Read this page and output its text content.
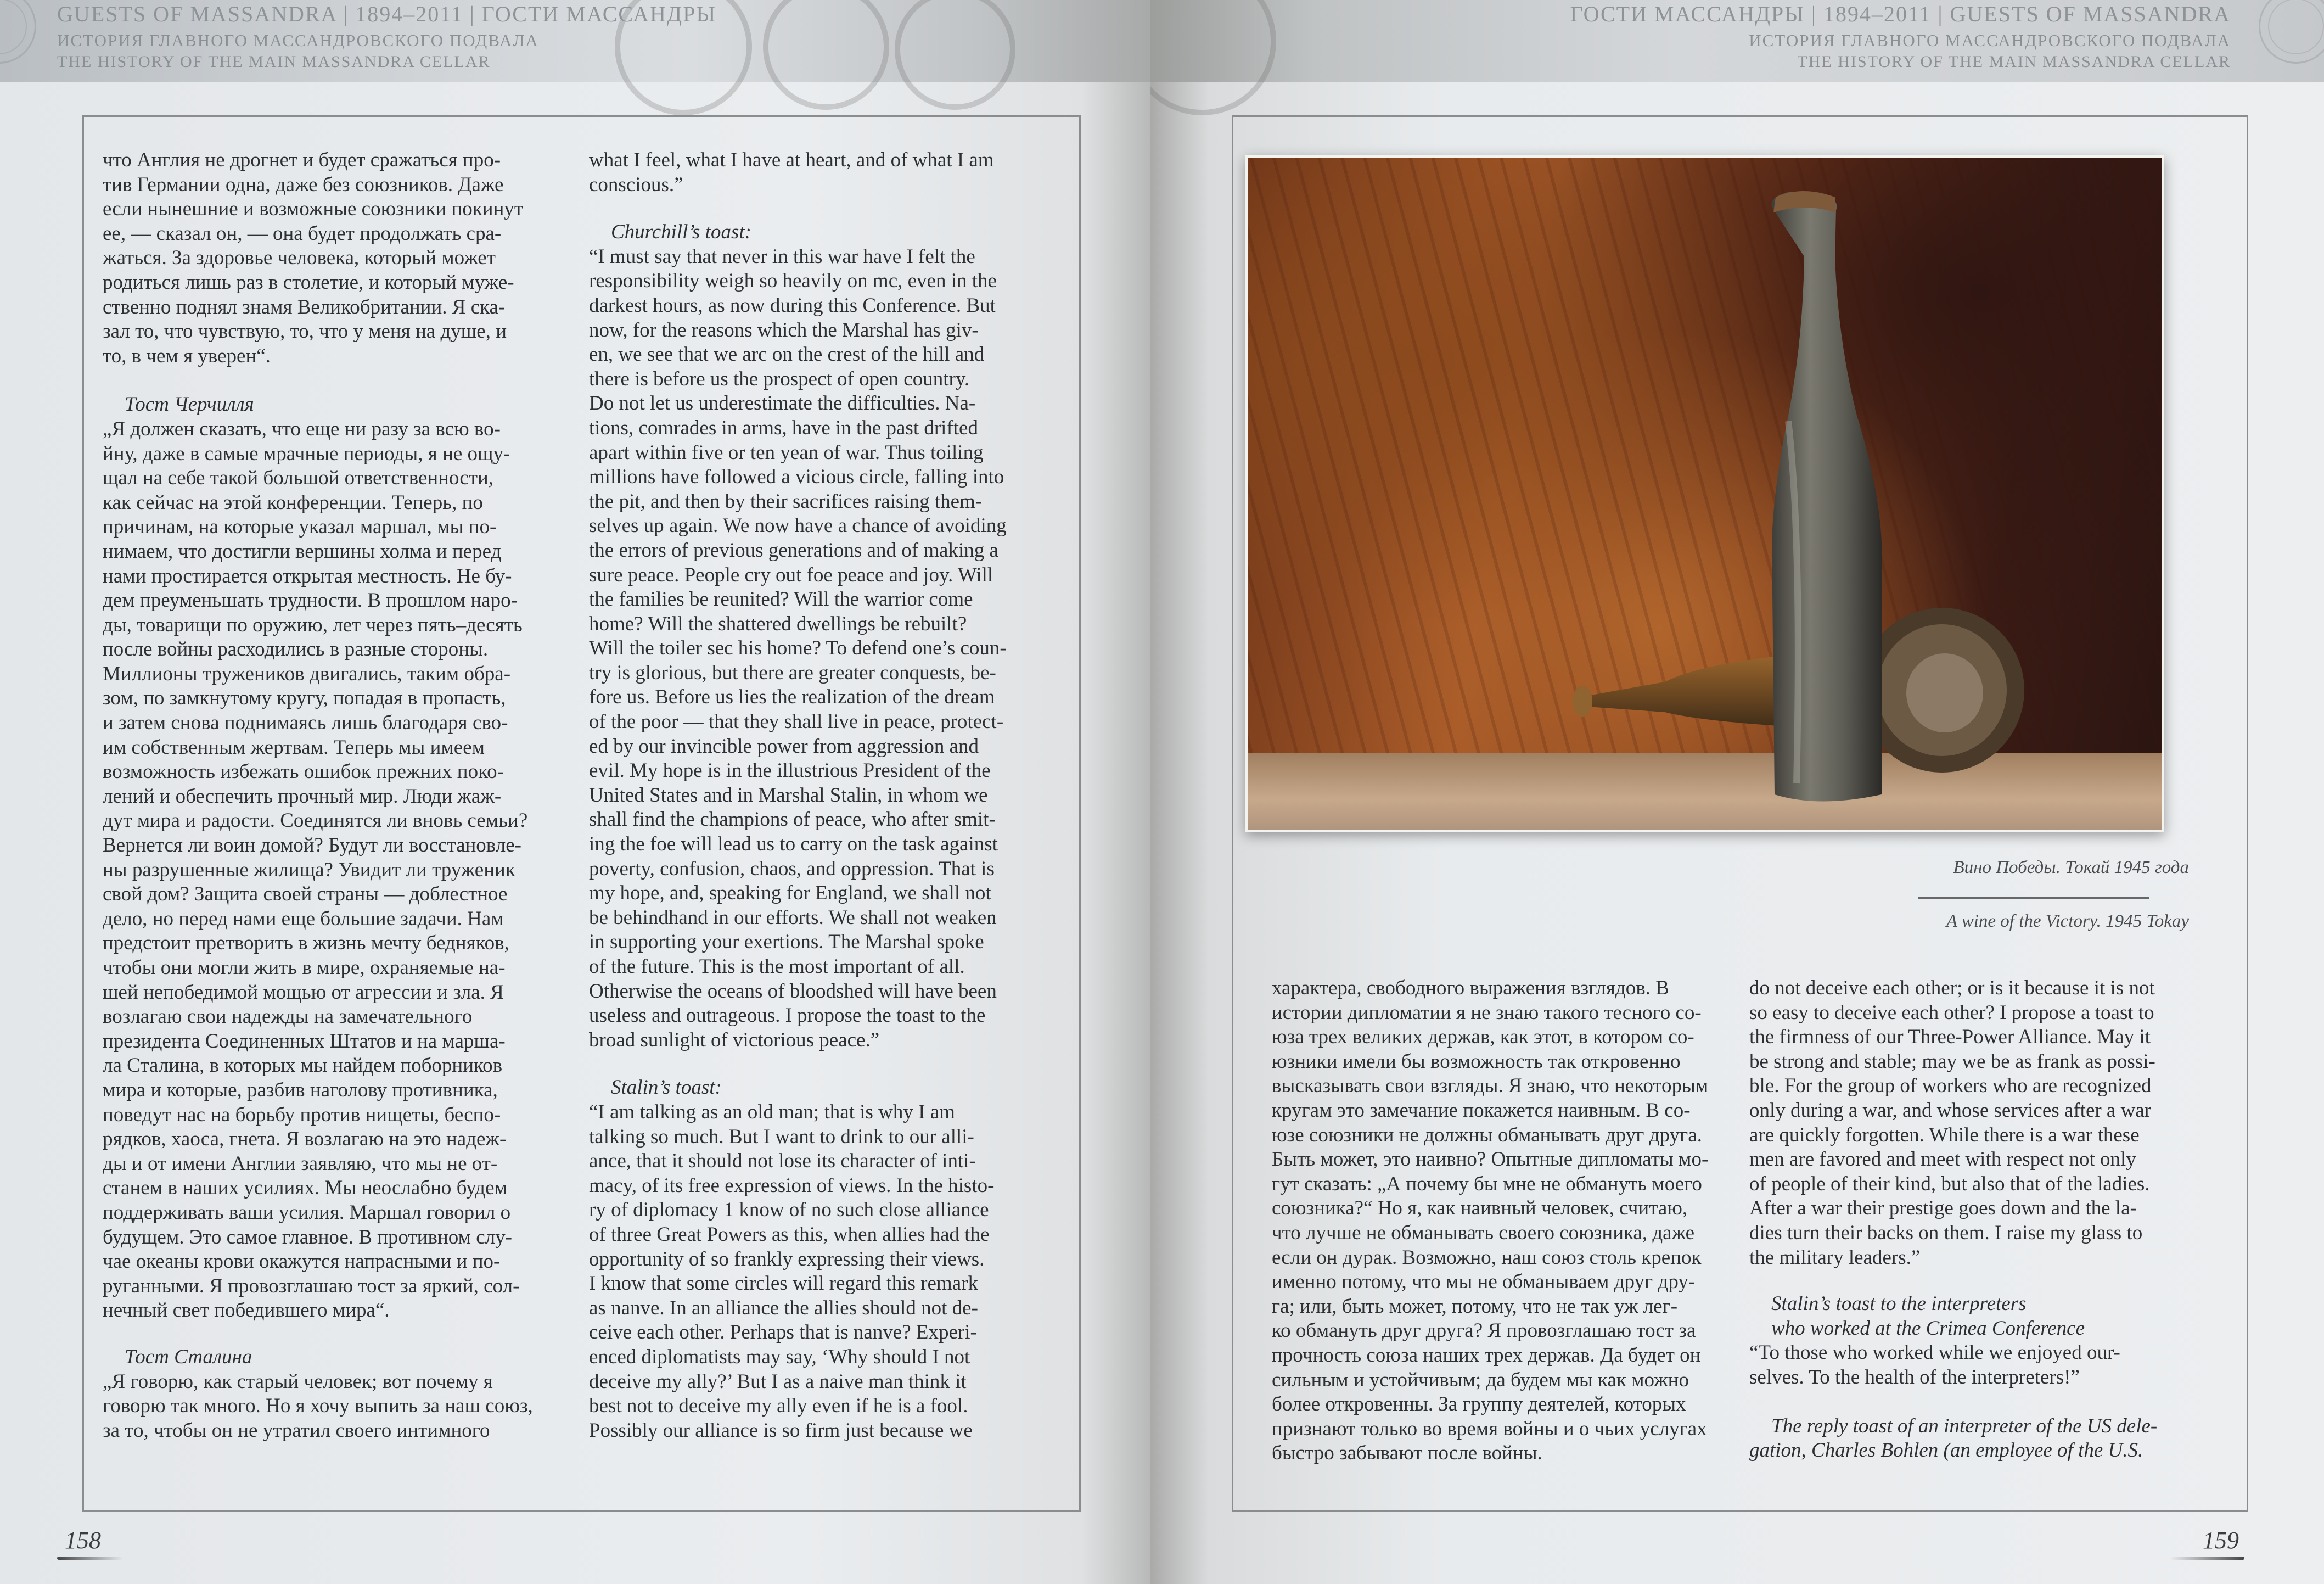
GUESTS OF MASSANDRA | 1894–2011 | ГОСТИ МАССАНДРЫ
ИСТОРИЯ ГЛАВНОГО МАССАНДРОВСКОГО ПОДВАЛА
THE HISTORY OF THE MAIN MASSANDRA CELLAR

что Англия не дрогнет и будет сражаться про-
тив Германии одна, даже без союзников. Даже
если нынешние и возможные союзники покинут
ее, — сказал он, — она будет продолжать сра-
жаться. За здоровье человека, который может
родиться лишь раз в столетие, и который муже-
ственно поднял знамя Великобритании. Я ска-
зал то, что чувствую, то, что у меня на душе, и
то, в чем я уверен“.

Тост Черчилля

„Я должен сказать, что еще ни разу за всю во-
йну, даже в самые мрачные периоды, я не ощу-
щал на себе такой большой ответственности,
как сейчас на этой конференции. Теперь, по
причинам, на которые указал маршал, мы по-
нимаем, что достигли вершины холма и перед
нами простирается открытая местность. Не бу-
дем преуменьшать трудности. В прошлом наро-
ды, товарищи по оружию, лет через пять–десять
после войны расходились в разные стороны.
Миллионы тружеников двигались, таким обра-
зом, по замкнутому кругу, попадая в пропасть,
и затем снова поднимаясь лишь благодаря сво-
им собственным жертвам. Теперь мы имеем
возможность избежать ошибок прежних поко-
лений и обеспечить прочный мир. Люди жаж-
дут мира и радости. Соединятся ли вновь семьи?
Вернется ли воин домой? Будут ли восстановле-
ны разрушенные жилища? Увидит ли труженик
свой дом? Защита своей страны — доблестное
дело, но перед нами еще большие задачи. Нам
предстоит претворить в жизнь мечту бедняков,
чтобы они могли жить в мире, охраняемые на-
шей непобедимой мощью от агрессии и зла. Я
возлагаю свои надежды на замечательного
президента Соединенных Штатов и на марша-
ла Сталина, в которых мы найдем поборников
мира и которые, разбив наголову противника,
поведут нас на борьбу против нищеты, беспо-
рядков, хаоса, гнета. Я возлагаю на это надеж-
ды и от имени Англии заявляю, что мы не от-
станем в наших усилиях. Мы неослабно будем
поддерживать ваши усилия. Маршал говорил о
будущем. Это самое главное. В противном слу-
чае океаны крови окажутся напрасными и по-
руганными. Я провозглашаю тост за яркий, сол-
нечный свет победившего мира“.

Тост Сталина

„Я говорю, как старый человек; вот почему я
говорю так много. Но я хочу выпить за наш союз,
за то, чтобы он не утратил своего интимного

what I feel, what I have at heart, and of what I am
conscious.”

Churchill’s toast:

“I must say that never in this war have I felt the
responsibility weigh so heavily on mc, even in the
darkest hours, as now during this Conference. But
now, for the reasons which the Marshal has giv-
en, we see that we arc on the crest of the hill and
there is before us the prospect of open country.
Do not let us underestimate the difficulties. Na-
tions, comrades in arms, have in the past drifted
apart within five or ten yean of war. Thus toiling
millions have followed a vicious circle, falling into
the pit, and then by their sacrifices raising them-
selves up again. We now have a chance of avoiding
the errors of previous generations and of making a
sure peace. People cry out foe peace and joy. Will
the families be reunited? Will the warrior come
home? Will the shattered dwellings be rebuilt?
Will the toiler sec his home? To defend one’s coun-
try is glorious, but there are greater conquests, be-
fore us. Before us lies the realization of the dream
of the poor — that they shall live in peace, protect-
ed by our invincible power from aggression and
evil. My hope is in the illustrious President of the
United States and in Marshal Stalin, in whom we
shall find the champions of peace, who after smit-
ing the foe will lead us to carry on the task against
poverty, confusion, chaos, and oppression. That is
my hope, and, speaking for England, we shall not
be behindhand in our efforts. We shall not weaken
in supporting your exertions. The Marshal spoke
of the future. This is the most important of all.
Otherwise the oceans of bloodshed will have been
useless and outrageous. I propose the toast to the
broad sunlight of victorious peace.”

Stalin’s toast:

“I am talking as an old man; that is why I am
talking so much. But I want to drink to our alli-
ance, that it should not lose its character of inti-
macy, of its free expression of views. In the histo-
ry of diplomacy 1 know of no such close alliance
of three Great Powers as this, when allies had the
opportunity of so frankly expressing their views.
I know that some circles will regard this remark
as nanve. In an alliance the allies should not de-
ceive each other. Perhaps that is nanve? Experi-
enced diplomatists may say, ‘Why should I not
deceive my ally?’ But I as a naive man think it
best not to deceive my ally even if he is a fool.
Possibly our alliance is so firm just because we

158
ГОСТИ МАССАНДРЫ | 1894–2011 | GUESTS OF MASSANDRA
ИСТОРИЯ ГЛАВНОГО МАССАНДРОВСКОГО ПОДВАЛА
THE HISTORY OF THE MAIN MASSANDRA CELLAR
Вино Победы. Токай 1945 года
A wine of the Victory. 1945 Tokay

характера, свободного выражения взглядов. В
истории дипломатии я не знаю такого тесного со-
юза трех великих держав, как этот, в котором со-
юзники имели бы возможность так откровенно
высказывать свои взгляды. Я знаю, что некоторым
кругам это замечание покажется наивным. В со-
юзе союзники не должны обманывать друг друга.
Быть может, это наивно? Опытные дипломаты мо-
гут сказать: „А почему бы мне не обмануть моего
союзника?“ Но я, как наивный человек, считаю,
что лучше не обманывать своего союзника, даже
если он дурак. Возможно, наш союз столь крепок
именно потому, что мы не обманываем друг дру-
га; или, быть может, потому, что не так уж лег-
ко обмануть друг друга? Я провозглашаю тост за
прочность союза наших трех держав. Да будет он
сильным и устойчивым; да будем мы как можно
более откровенны. За группу деятелей, которых
признают только во время войны и о чьих услугах
быстро забывают после войны.

do not deceive each other; or is it because it is not
so easy to deceive each other? I propose a toast to
the firmness of our Three-Power Alliance. May it
be strong and stable; may we be as frank as possi-
ble. For the group of workers who are recognized
only during a war, and whose services after a war
are quickly forgotten. While there is a war these
men are favored and meet with respect not only
of people of their kind, but also that of the ladies.
After a war their prestige goes down and the la-
dies turn their backs on them. I raise my glass to
the military leaders.”

Stalin’s toast to the interpreters

who worked at the Crimea Conference

“To those who worked while we enjoyed our-
selves. To the health of the interpreters!”

The reply toast of an interpreter of the US dele-
gation, Charles Bohlen (an employee of the U.S.

159
